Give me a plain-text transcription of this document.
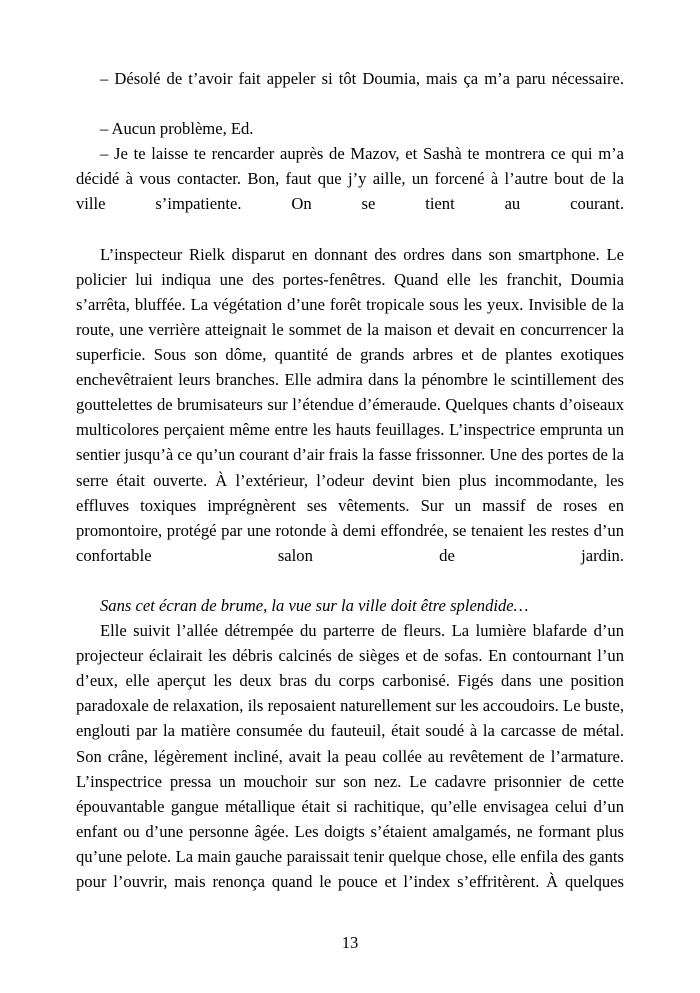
– Désolé de t’avoir fait appeler si tôt Doumia, mais ça m’a paru nécessaire.

– Aucun problème, Ed.

– Je te laisse te rencarder auprès de Mazov, et Sashà te montrera ce qui m’a décidé à vous contacter. Bon, faut que j’y aille, un forcené à l’autre bout de la ville s’impatiente. On se tient au courant.

L’inspecteur Rielk disparut en donnant des ordres dans son smartphone. Le policier lui indiqua une des portes-fenêtres. Quand elle les franchit, Doumia s’arrêta, bluffée. La végétation d’une forêt tropicale sous les yeux. Invisible de la route, une verrière atteignait le sommet de la maison et devait en concurrencer la superficie. Sous son dôme, quantité de grands arbres et de plantes exotiques enchevêtraient leurs branches. Elle admira dans la pénombre le scintillement des gouttelettes de brumisateurs sur l’étendue d’émeraude. Quelques chants d’oiseaux multicolores perçaient même entre les hauts feuillages. L’inspectrice emprunta un sentier jusqu’à ce qu’un courant d’air frais la fasse frissonner. Une des portes de la serre était ouverte. À l’extérieur, l’odeur devint bien plus incommodante, les effluves toxiques imprégnèrent ses vêtements. Sur un massif de roses en promontoire, protégé par une rotonde à demi effondrée, se tenaient les restes d’un confortable salon de jardin.

Sans cet écran de brume, la vue sur la ville doit être splendide…

Elle suivit l’allée détrempée du parterre de fleurs. La lumière blafarde d’un projecteur éclairait les débris calcinés de sièges et de sofas. En contournant l’un d’eux, elle aperçut les deux bras du corps carbonisé. Figés dans une position paradoxale de relaxation, ils reposaient naturellement sur les accoudoirs. Le buste, englouti par la matière consumée du fauteuil, était soudé à la carcasse de métal. Son crâne, légèrement incliné, avait la peau collée au revêtement de l’armature. L’inspectrice pressa un mouchoir sur son nez. Le cadavre prisonnier de cette épouvantable gangue métallique était si rachitique, qu’elle envisagea celui d’un enfant ou d’une personne âgée. Les doigts s’étaient amalgamés, ne formant plus qu’une pelote. La main gauche paraissait tenir quelque chose, elle enfila des gants pour l’ouvrir, mais renonça quand le pouce et l’index s’effritèrent. À quelques

13
